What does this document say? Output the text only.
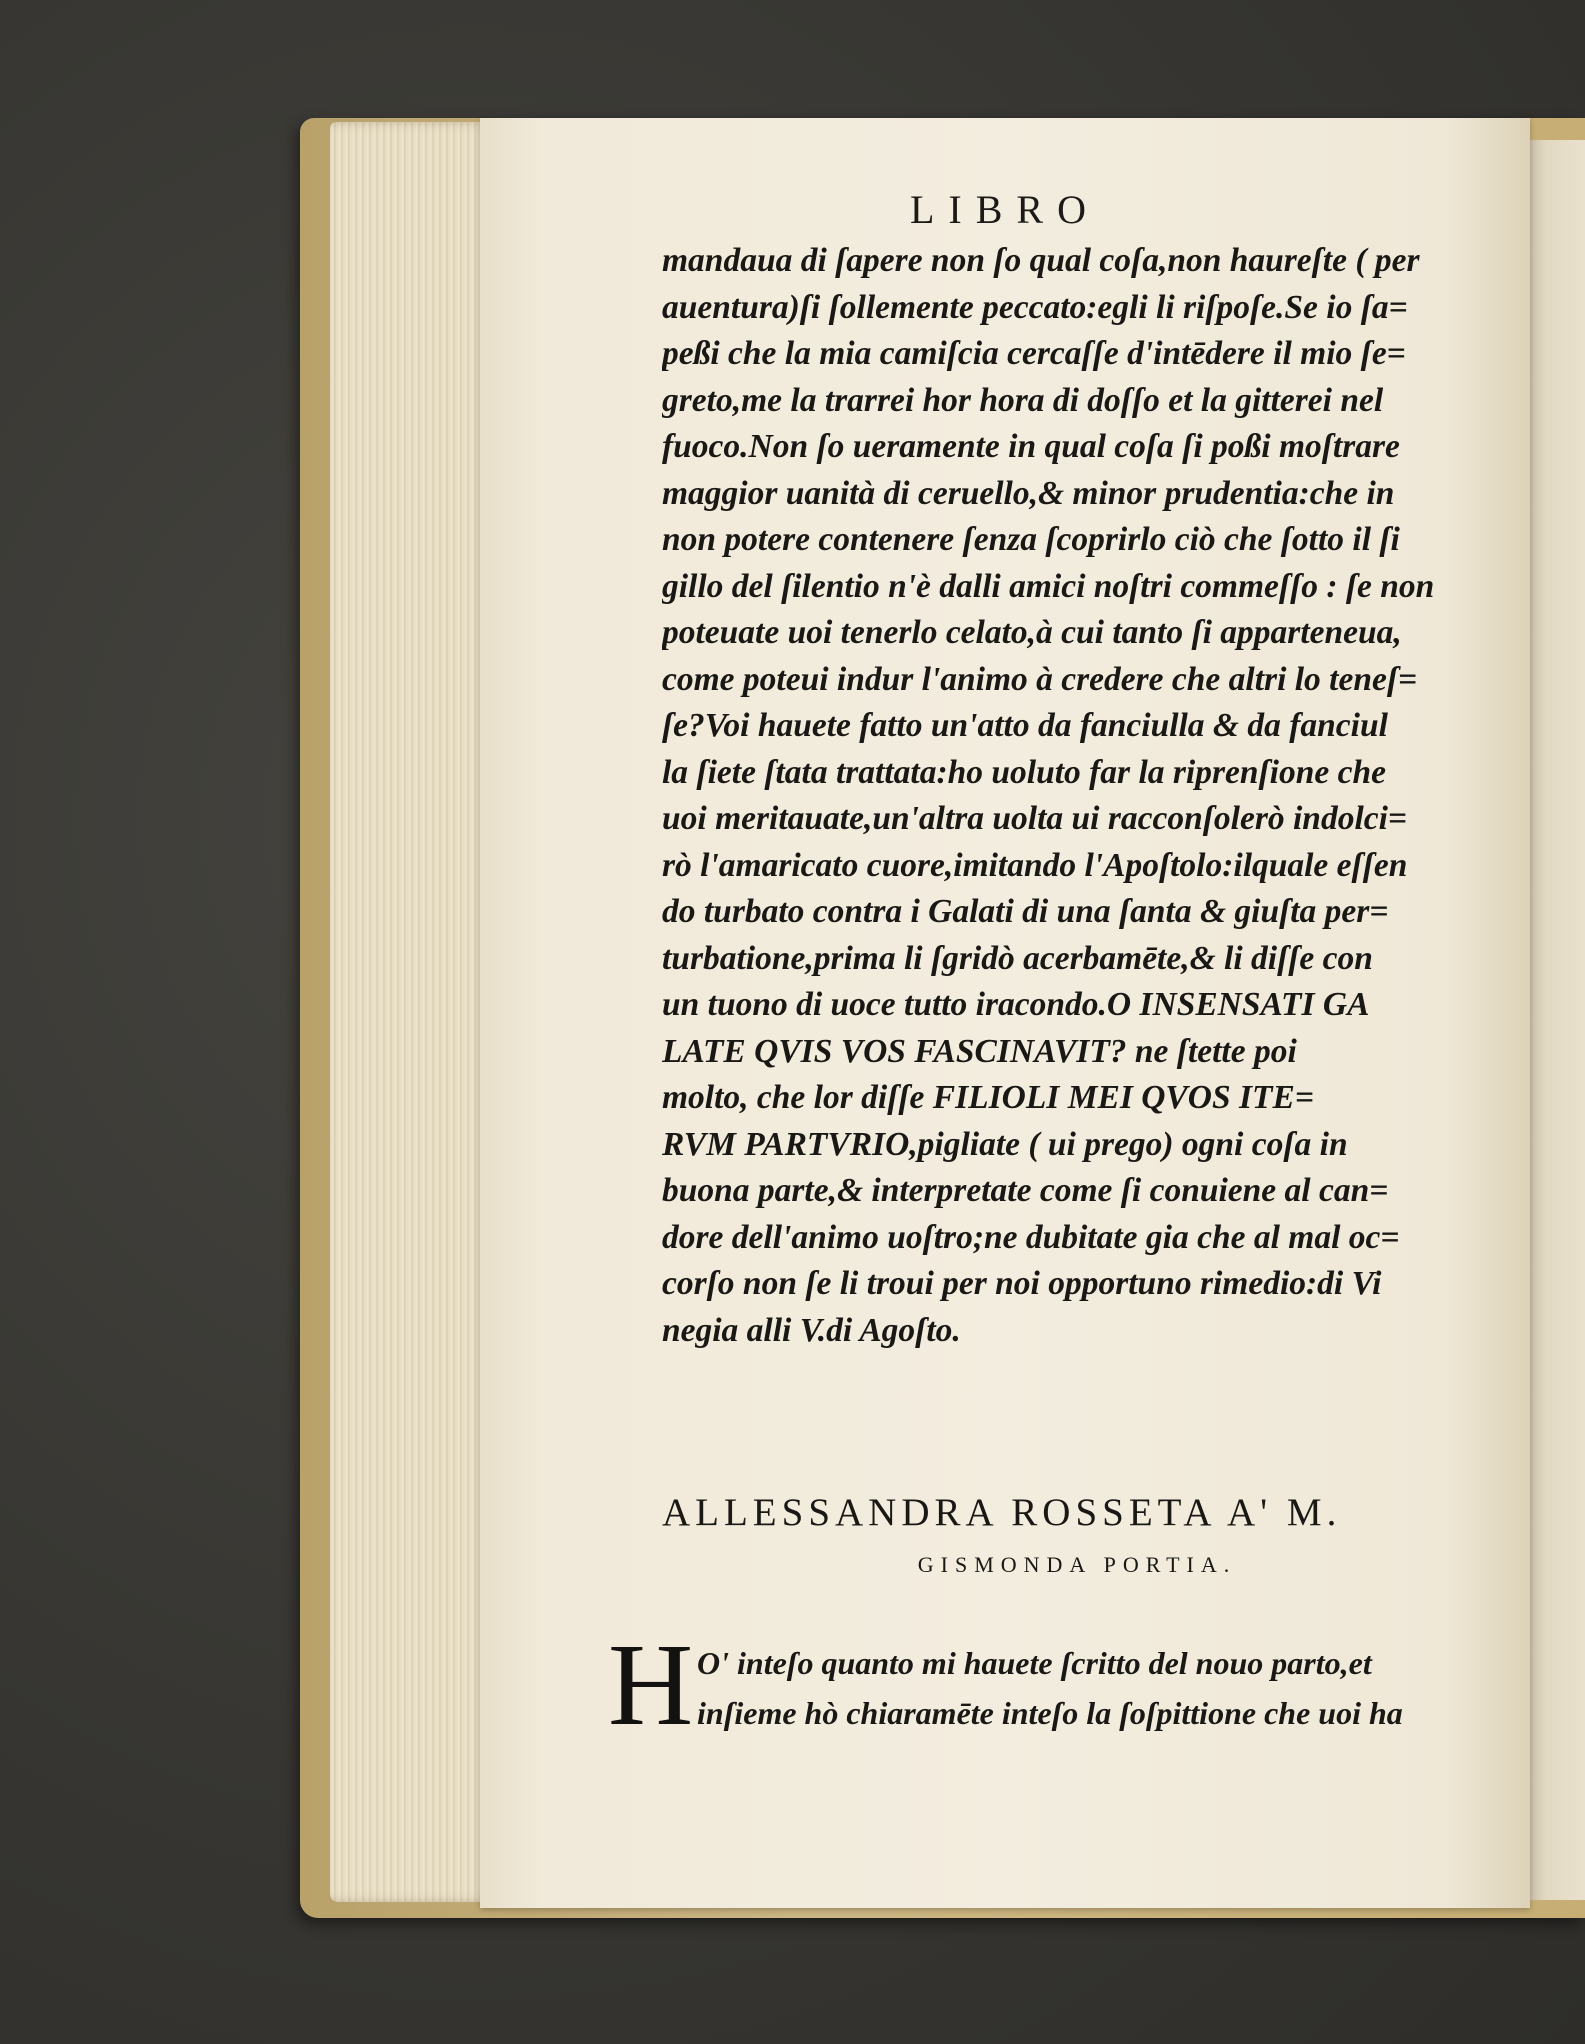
LIBRO
mandaua di ſapere non ſo qual coſa,non haureſte ( per
auentura)ſi ſollemente peccato:egli li riſpoſe.Se io ſa=
peßi che la mia camiſcia cercaſſe d'intēdere il mio ſe=
greto,me la trarrei hor hora di doſſo et la gitterei nel
fuoco.Non ſo ueramente in qual coſa ſi poßi moſtrare
maggior uanità di ceruello,& minor prudentia:che in
non potere contenere ſenza ſcoprirlo ciò che ſotto il ſi
gillo del ſilentio n'è dalli amici noſtri commeſſo : ſe non
poteuate uoi tenerlo celato,à cui tanto ſi apparteneua,
come poteui indur l'animo à credere che altri lo teneſ=
ſe?Voi hauete fatto un'atto da fanciulla & da fanciul
la ſiete ſtata trattata:ho uoluto far la riprenſione che
uoi meritauate,un'altra uolta ui racconſolerò indolci=
rò l'amaricato cuore,imitando l'Apoſtolo:ilquale eſſen
do turbato contra i Galati di una ſanta & giuſta per=
turbatione,prima li ſgridò acerbamēte,& li diſſe con
un tuono di uoce tutto iracondo.O INSENSATI GA
LATE QVIS VOS FASCINAVIT? ne ſtette poi
molto, che lor diſſe FILIOLI MEI QVOS ITE=
RVM PARTVRIO,pigliate ( ui prego) ogni coſa in
buona parte,& interpretate come ſi conuiene al can=
dore dell'animo uoſtro;ne dubitate gia che al mal oc=
corſo non ſe li troui per noi opportuno rimedio:di Vi
negia alli V.di Agoſto.
ALLESSANDRA ROSSETA A' M.
GISMONDA PORTIA.
H O' inteſo quanto mi hauete ſcritto del nouo parto,et
inſieme hò chiaramēte inteſo la ſoſpittione che uoi ha
